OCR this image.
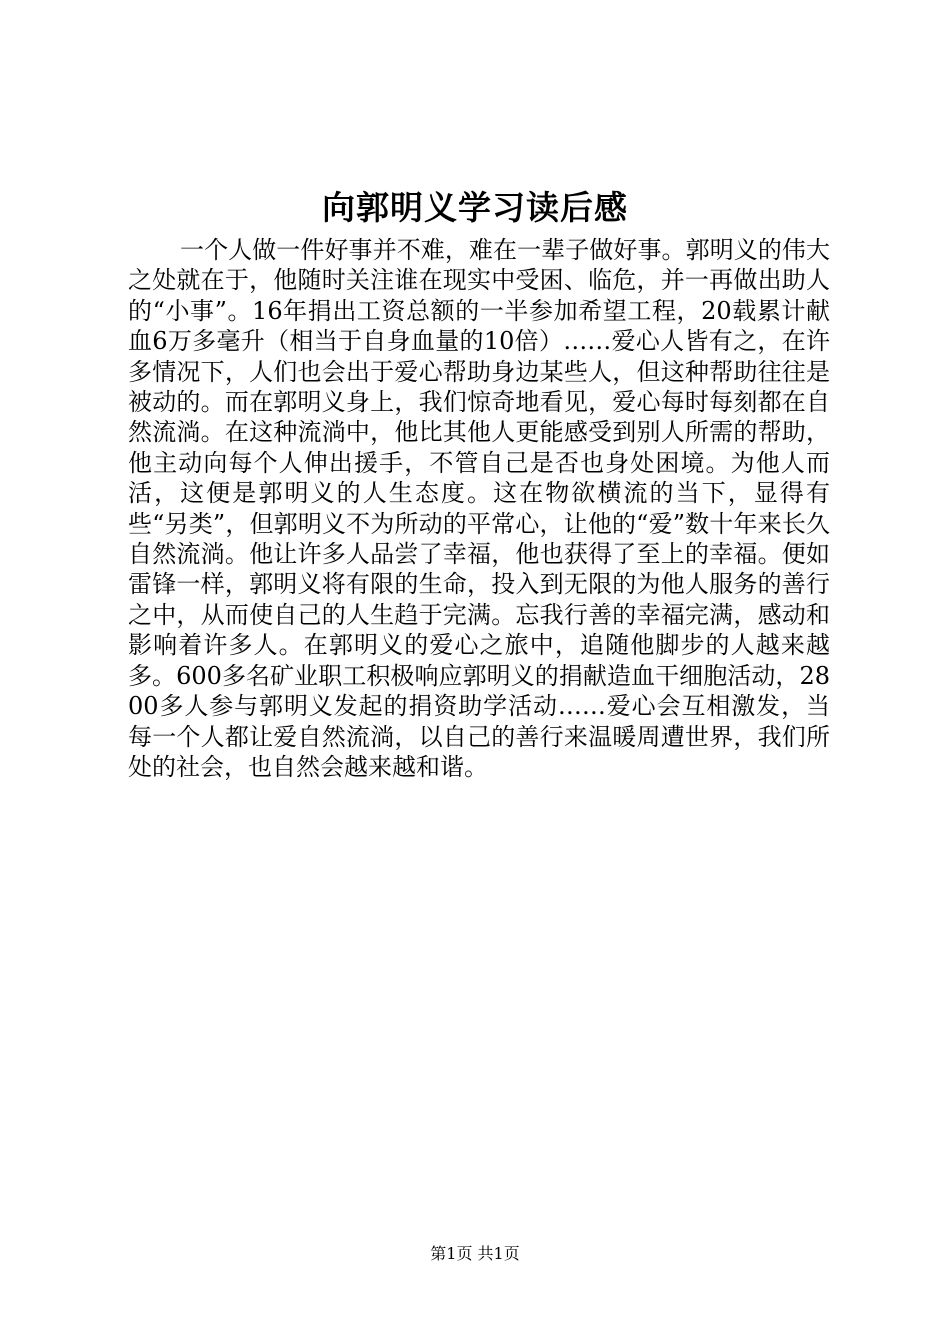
向郭明义学习读后感

一个人做一件好事并不难，难在一辈子做好事。郭明义的伟大之处就在于，他随时关注谁在现实中受困、临危，并一再做出助人的“小事”。16年捐出工资总额的一半参加希望工程，20载累计献血6万多毫升（相当于自身血量的10倍）……爱心人皆有之，在许多情况下，人们也会出于爱心帮助身边某些人，但这种帮助往往是被动的。而在郭明义身上，我们惊奇地看见，爱心每时每刻都在自然流淌。在这种流淌中，他比其他人更能感受到别人所需的帮助，他主动向每个人伸出援手，不管自己是否也身处困境。为他人而活，这便是郭明义的人生态度。这在物欲横流的当下，显得有些“另类”，但郭明义不为所动的平常心，让他的“爱”数十年来长久自然流淌。他让许多人品尝了幸福，他也获得了至上的幸福。便如雷锋一样，郭明义将有限的生命，投入到无限的为他人服务的善行之中，从而使自己的人生趋于完满。忘我行善的幸福完满，感动和影响着许多人。在郭明义的爱心之旅中，追随他脚步的人越来越多。600多名矿业职工积极响应郭明义的捐献造血干细胞活动，2800多人参与郭明义发起的捐资助学活动……爱心会互相激发，当每一个人都让爱自然流淌，以自己的善行来温暖周遭世界，我们所处的社会，也自然会越来越和谐。

第1页 共1页
